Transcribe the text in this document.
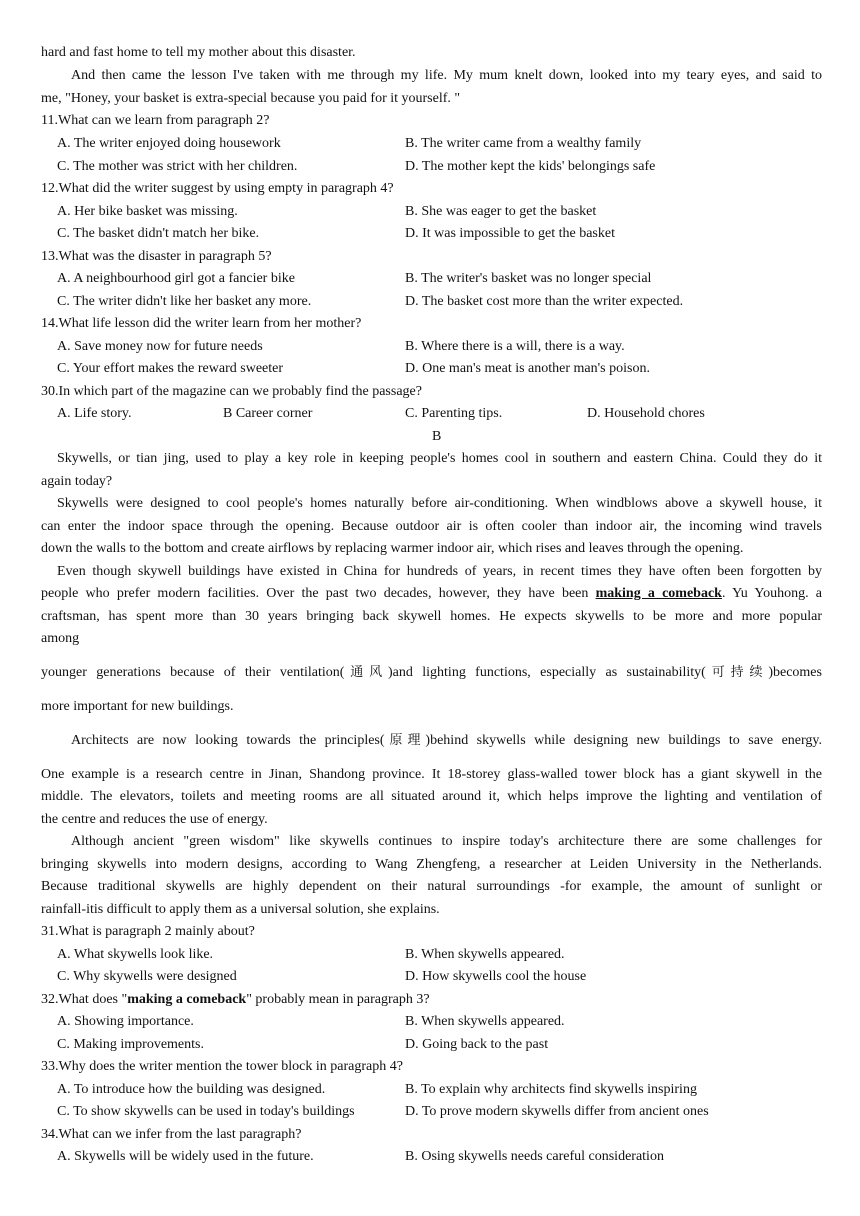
hard and fast home to tell my mother about this disaster.
And then came the lesson I've taken with me through my life. My mum knelt down, looked into my teary eyes, and said to
me, "Honey, your basket is extra-special because you paid for it yourself. "
11.What can we learn from paragraph 2?
A. The writer enjoyed doing housework	B. The writer came from a wealthy family
C. The mother was strict with her children.	D. The mother kept the kids' belongings safe
12.What did the writer suggest by using empty in paragraph 4?
A. Her bike basket was missing.	B. She was eager to get the basket
C. The basket didn't match her bike.	D. It was impossible to get the basket
13.What was the disaster in paragraph 5?
A. A neighbourhood girl got a fancier bike	B. The writer's basket was no longer special
C. The writer didn't like her basket any more.	D. The basket cost more than the writer expected.
14.What life lesson did the writer learn from her mother?
A. Save money now for future needs	B. Where there is a will, there is a way.
C. Your effort makes the reward sweeter	D. One man's meat is another man's poison.
30.In which part of the magazine can we probably find the passage?
A. Life story.	B Career corner	C. Parenting tips.	D. Household chores
B
Skywells, or tian jing, used to play a key role in keeping people's homes cool in southern and eastern China. Could they do it
again today?
Skywells were designed to cool people's homes naturally before air-conditioning. When windblows above a skywell house, it
can enter the indoor space through the opening. Because outdoor air is often cooler than indoor air, the incoming wind travels
down the walls to the bottom and create airflows by replacing warmer indoor air, which rises and leaves through the opening.
Even though skywell buildings have existed in China for hundreds of years, in recent times they have often been forgotten by
people who prefer modern facilities. Over the past two decades, however, they have been making a comeback. Yu Youhong. a
craftsman, has spent more than 30 years bringing back skywell homes. He expects skywells to be more and more popular
among
younger generations because of their ventilation(通风)and lighting functions, especially as sustainability(可持续)becomes
more important for new buildings.
Architects are now looking towards the principles(原理)behind skywells while designing new buildings to save energy.
One example is a research centre in Jinan, Shandong province. It 18-storey glass-walled tower block has a giant skywell in the
middle. The elevators, toilets and meeting rooms are all situated around it, which helps improve the lighting and ventilation of
the centre and reduces the use of energy.
Although ancient "green wisdom" like skywells continues to inspire today's architecture there are some challenges for
bringing skywells into modern designs, according to Wang Zhengfeng, a researcher at Leiden University in the Netherlands.
Because traditional skywells are highly dependent on their natural surroundings -for example, the amount of sunlight or
rainfall-itis difficult to apply them as a universal solution, she explains.
31.What is paragraph 2 mainly about?
A. What skywells look like.	B. When skywells appeared.
C. Why skywells were designed	D. How skywells cool the house
32.What does "making a comeback" probably mean in paragraph 3?
A. Showing importance.	B. When skywells appeared.
C. Making improvements.	D. Going back to the past
33.Why does the writer mention the tower block in paragraph 4?
A. To introduce how the building was designed.	B. To explain why architects find skywells inspiring
C. To show skywells can be used in today's buildings	D. To prove modern skywells differ from ancient ones
34.What can we infer from the last paragraph?
A. Skywells will be widely used in the future.	B. Osing skywells needs careful consideration
